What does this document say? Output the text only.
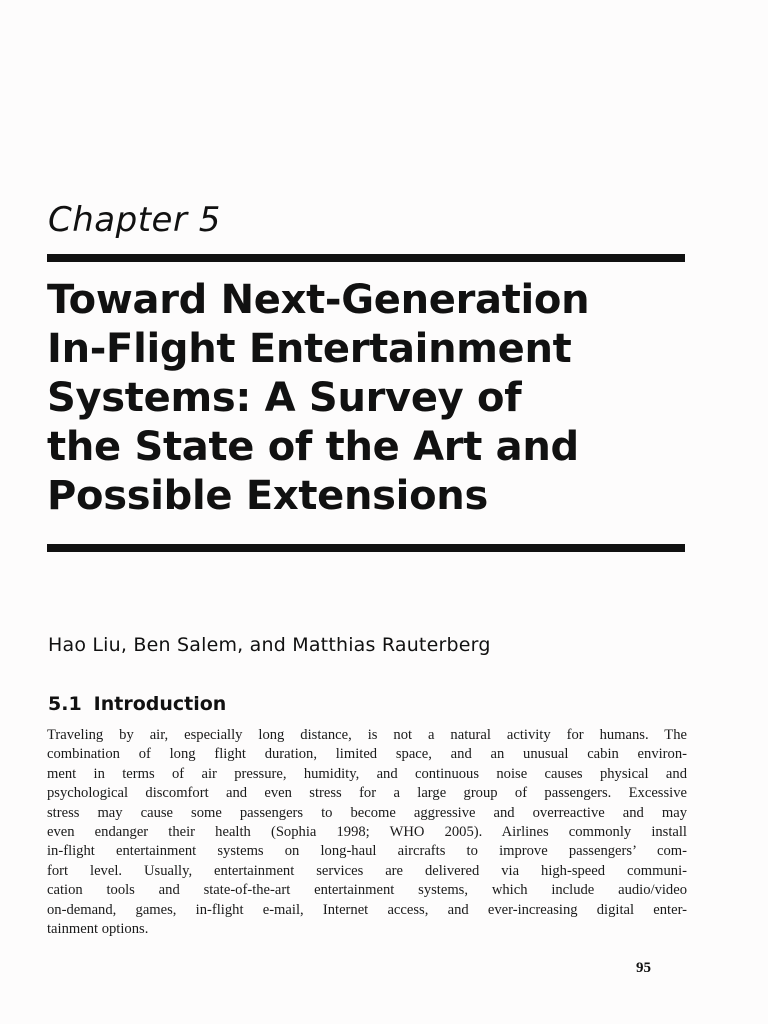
Chapter 5
Toward Next-Generation
In-Flight Entertainment
Systems: A Survey of
the State of the Art and
Possible Extensions

Hao Liu, Ben Salem, and Matthias Rauterberg

5.1 Introduction
Traveling by air, especially long distance, is not a natural activity for humans. The
combination of long flight duration, limited space, and an unusual cabin environ-
ment in terms of air pressure, humidity, and continuous noise causes physical and
psychological discomfort and even stress for a large group of passengers. Excessive
stress may cause some passengers to become aggressive and overreactive and may
even endanger their health (Sophia 1998; WHO 2005). Airlines commonly install
in-flight entertainment systems on long-haul aircrafts to improve passengers’ com-
fort level. Usually, entertainment services are delivered via high-speed communi-
cation tools and state-of-the-art entertainment systems, which include audio/video
on-demand, games, in-flight e-mail, Internet access, and ever-increasing digital enter-
tainment options.

95
